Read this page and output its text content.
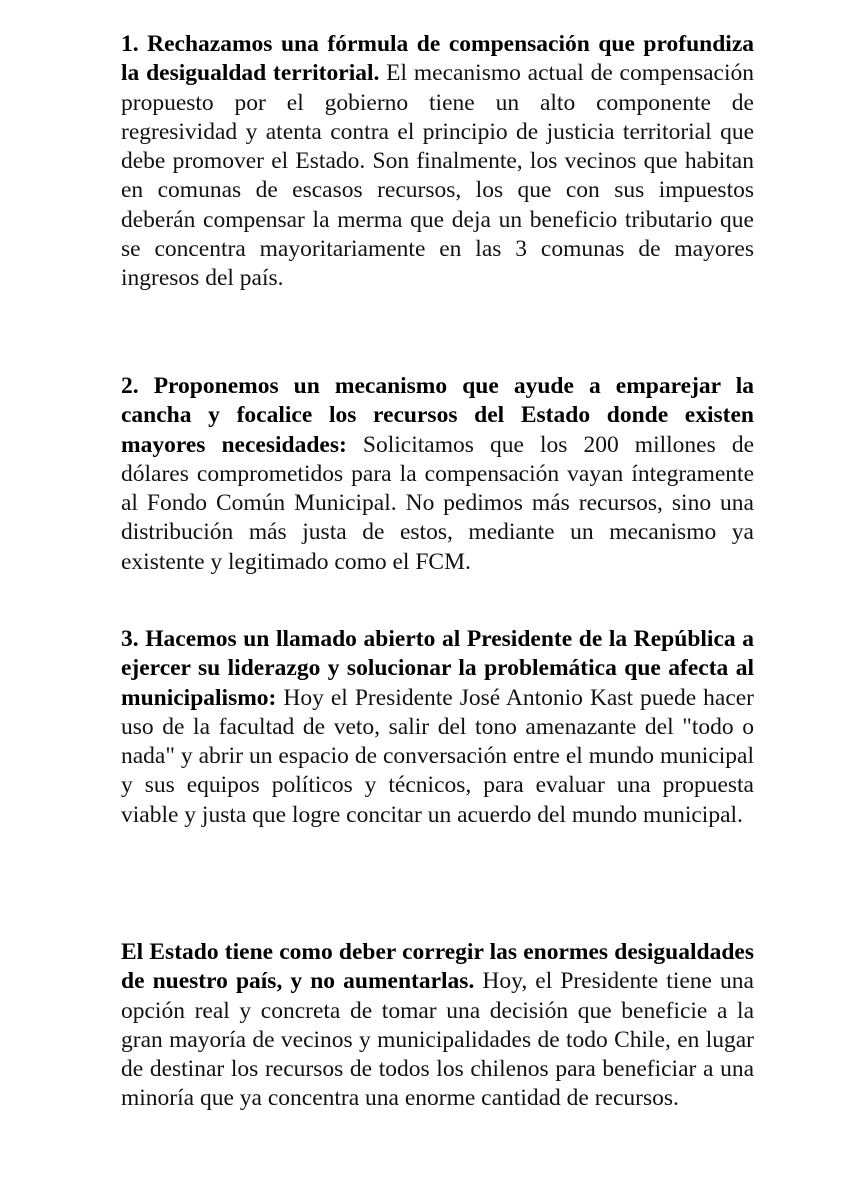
1. Rechazamos una fórmula de compensación que profundiza la desigualdad territorial. El mecanismo actual de compensación propuesto por el gobierno tiene un alto componente de regresividad y atenta contra el principio de justicia territorial que debe promover el Estado. Son finalmente, los vecinos que habitan en comunas de escasos recursos, los que con sus impuestos deberán compensar la merma que deja un beneficio tributario que se concentra mayoritariamente en las 3 comunas de mayores ingresos del país.

2. Proponemos un mecanismo que ayude a emparejar la cancha y focalice los recursos del Estado donde existen mayores necesidades: Solicitamos que los 200 millones de dólares comprometidos para la compensación vayan íntegramente al Fondo Común Municipal. No pedimos más recursos, sino una distribución más justa de estos, mediante un mecanismo ya existente y legitimado como el FCM.

3. Hacemos un llamado abierto al Presidente de la República a ejercer su liderazgo y solucionar la problemática que afecta al municipalismo: Hoy el Presidente José Antonio Kast puede hacer uso de la facultad de veto, salir del tono amenazante del "todo o nada" y abrir un espacio de conversación entre el mundo municipal y sus equipos políticos y técnicos, para evaluar una propuesta viable y justa que logre concitar un acuerdo del mundo municipal.

El Estado tiene como deber corregir las enormes desigualdades de nuestro país, y no aumentarlas. Hoy, el Presidente tiene una opción real y concreta de tomar una decisión que beneficie a la gran mayoría de vecinos y municipalidades de todo Chile, en lugar de destinar los recursos de todos los chilenos para beneficiar a una minoría que ya concentra una enorme cantidad de recursos.
